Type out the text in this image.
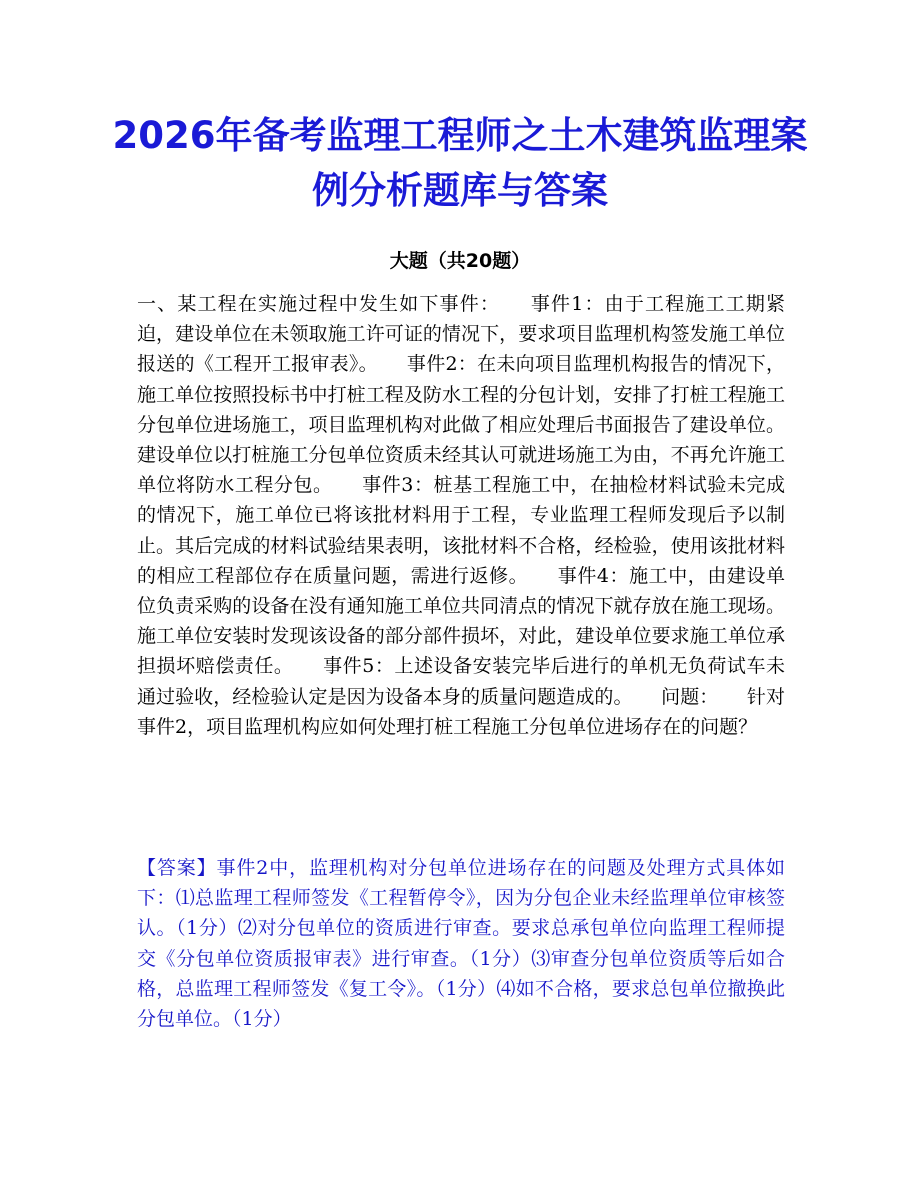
2026年备考监理工程师之土木建筑监理案例分析题库与答案
大题（共20题）

一、某工程在实施过程中发生如下事件：　　事件1：由于工程施工工期紧迫，建设单位在未领取施工许可证的情况下，要求项目监理机构签发施工单位报送的《工程开工报审表》。　　事件2：在未向项目监理机构报告的情况下，施工单位按照投标书中打桩工程及防水工程的分包计划，安排了打桩工程施工分包单位进场施工，项目监理机构对此做了相应处理后书面报告了建设单位。建设单位以打桩施工分包单位资质未经其认可就进场施工为由，不再允许施工单位将防水工程分包。　　事件3：桩基工程施工中，在抽检材料试验未完成的情况下，施工单位已将该批材料用于工程，专业监理工程师发现后予以制止。其后完成的材料试验结果表明，该批材料不合格，经检验，使用该批材料的相应工程部位存在质量问题，需进行返修。　　事件4：施工中，由建设单位负责采购的设备在没有通知施工单位共同清点的情况下就存放在施工现场。施工单位安装时发现该设备的部分部件损坏，对此，建设单位要求施工单位承担损坏赔偿责任。　　事件5：上述设备安装完毕后进行的单机无负荷试车未通过验收，经检验认定是因为设备本身的质量问题造成的。　　问题：　　针对事件2，项目监理机构应如何处理打桩工程施工分包单位进场存在的问题？

【答案】事件2中，监理机构对分包单位进场存在的问题及处理方式具体如下：⑴总监理工程师签发《工程暂停令》，因为分包企业未经监理单位审核签认。（1分）⑵对分包单位的资质进行审查。要求总承包单位向监理工程师提交《分包单位资质报审表》进行审查。（1分）⑶审查分包单位资质等后如合格，总监理工程师签发《复工令》。（1分）⑷如不合格，要求总包单位撤换此分包单位。（1分）
